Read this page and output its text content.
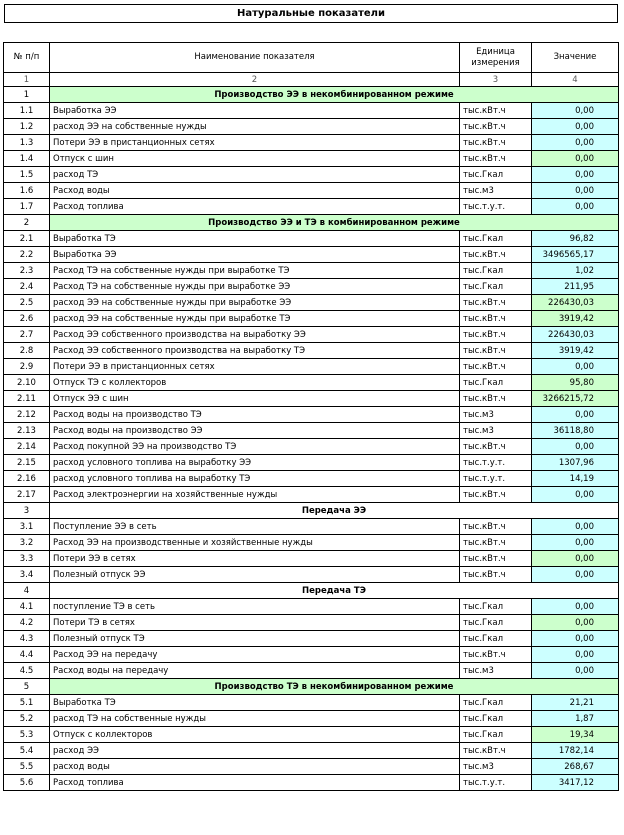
Натуральные показатели
№ п/п	Наименование показателя	Единица измерения	Значение
1	2	3	4
1	Производство ЭЭ в некомбинированном режиме		
1.1	Выработка ЭЭ	тыс.кВт.ч	0,00
1.2	расход ЭЭ на собственные нужды	тыс.кВт.ч	0,00
1.3	Потери ЭЭ в пристанционных сетях	тыс.кВт.ч	0,00
1.4	Отпуск с шин	тыс.кВт.ч	0,00
1.5	расход ТЭ	тыс.Гкал	0,00
1.6	Расход воды	тыс.м3	0,00
1.7	Расход топлива	тыс.т.у.т.	0,00
2	Производство ЭЭ и ТЭ в комбинированном режиме		
2.1	Выработка ТЭ	тыс.Гкал	96,82
2.2	Выработка ЭЭ	тыс.кВт.ч	3496565,17
2.3	Расход ТЭ на собственные нужды при выработке ТЭ	тыс.Гкал	1,02
2.4	Расход ТЭ на собственные нужды при выработке ЭЭ	тыс.Гкал	211,95
2.5	расход ЭЭ на собственные нужды при выработке ЭЭ	тыс.кВт.ч	226430,03
2.6	расход ЭЭ на собственные нужды при выработке ТЭ	тыс.кВт.ч	3919,42
2.7	Расход ЭЭ собственного производства на выработку ЭЭ	тыс.кВт.ч	226430,03
2.8	Расход ЭЭ собственного производства на выработку ТЭ	тыс.кВт.ч	3919,42
2.9	Потери ЭЭ в пристанционных сетях	тыс.кВт.ч	0,00
2.10	Отпуск ТЭ с коллекторов	тыс.Гкал	95,80
2.11	Отпуск ЭЭ с шин	тыс.кВт.ч	3266215,72
2.12	Расход воды на производство ТЭ	тыс.м3	0,00
2.13	Расход воды на производство ЭЭ	тыс.м3	36118,80
2.14	Расход покупной ЭЭ на производство ТЭ	тыс.кВт.ч	0,00
2.15	расход условного топлива на выработку ЭЭ	тыс.т.у.т.	1307,96
2.16	расход условного топлива на выработку ТЭ	тыс.т.у.т.	14,19
2.17	Расход электроэнергии на хозяйственные нужды	тыс.кВт.ч	0,00
3	Передача ЭЭ		
3.1	Поступление ЭЭ в сеть	тыс.кВт.ч	0,00
3.2	Расход ЭЭ на производственные и хозяйственные нужды	тыс.кВт.ч	0,00
3.3	Потери ЭЭ в сетях	тыс.кВт.ч	0,00
3.4	Полезный отпуск ЭЭ	тыс.кВт.ч	0,00
4	Передача ТЭ		
4.1	поступление ТЭ в сеть	тыс.Гкал	0,00
4.2	Потери ТЭ в сетях	тыс.Гкал	0,00
4.3	Полезный отпуск ТЭ	тыс.Гкал	0,00
4.4	Расход ЭЭ на передачу	тыс.кВт.ч	0,00
4.5	Расход воды на передачу	тыс.м3	0,00
5	Производство ТЭ в некомбинированном режиме		
5.1	Выработка ТЭ	тыс.Гкал	21,21
5.2	расход ТЭ на собственные нужды	тыс.Гкал	1,87
5.3	Отпуск с коллекторов	тыс.Гкал	19,34
5.4	расход ЭЭ	тыс.кВт.ч	1782,14
5.5	расход воды	тыс.м3	268,67
5.6	Расход топлива	тыс.т.у.т.	3417,12
